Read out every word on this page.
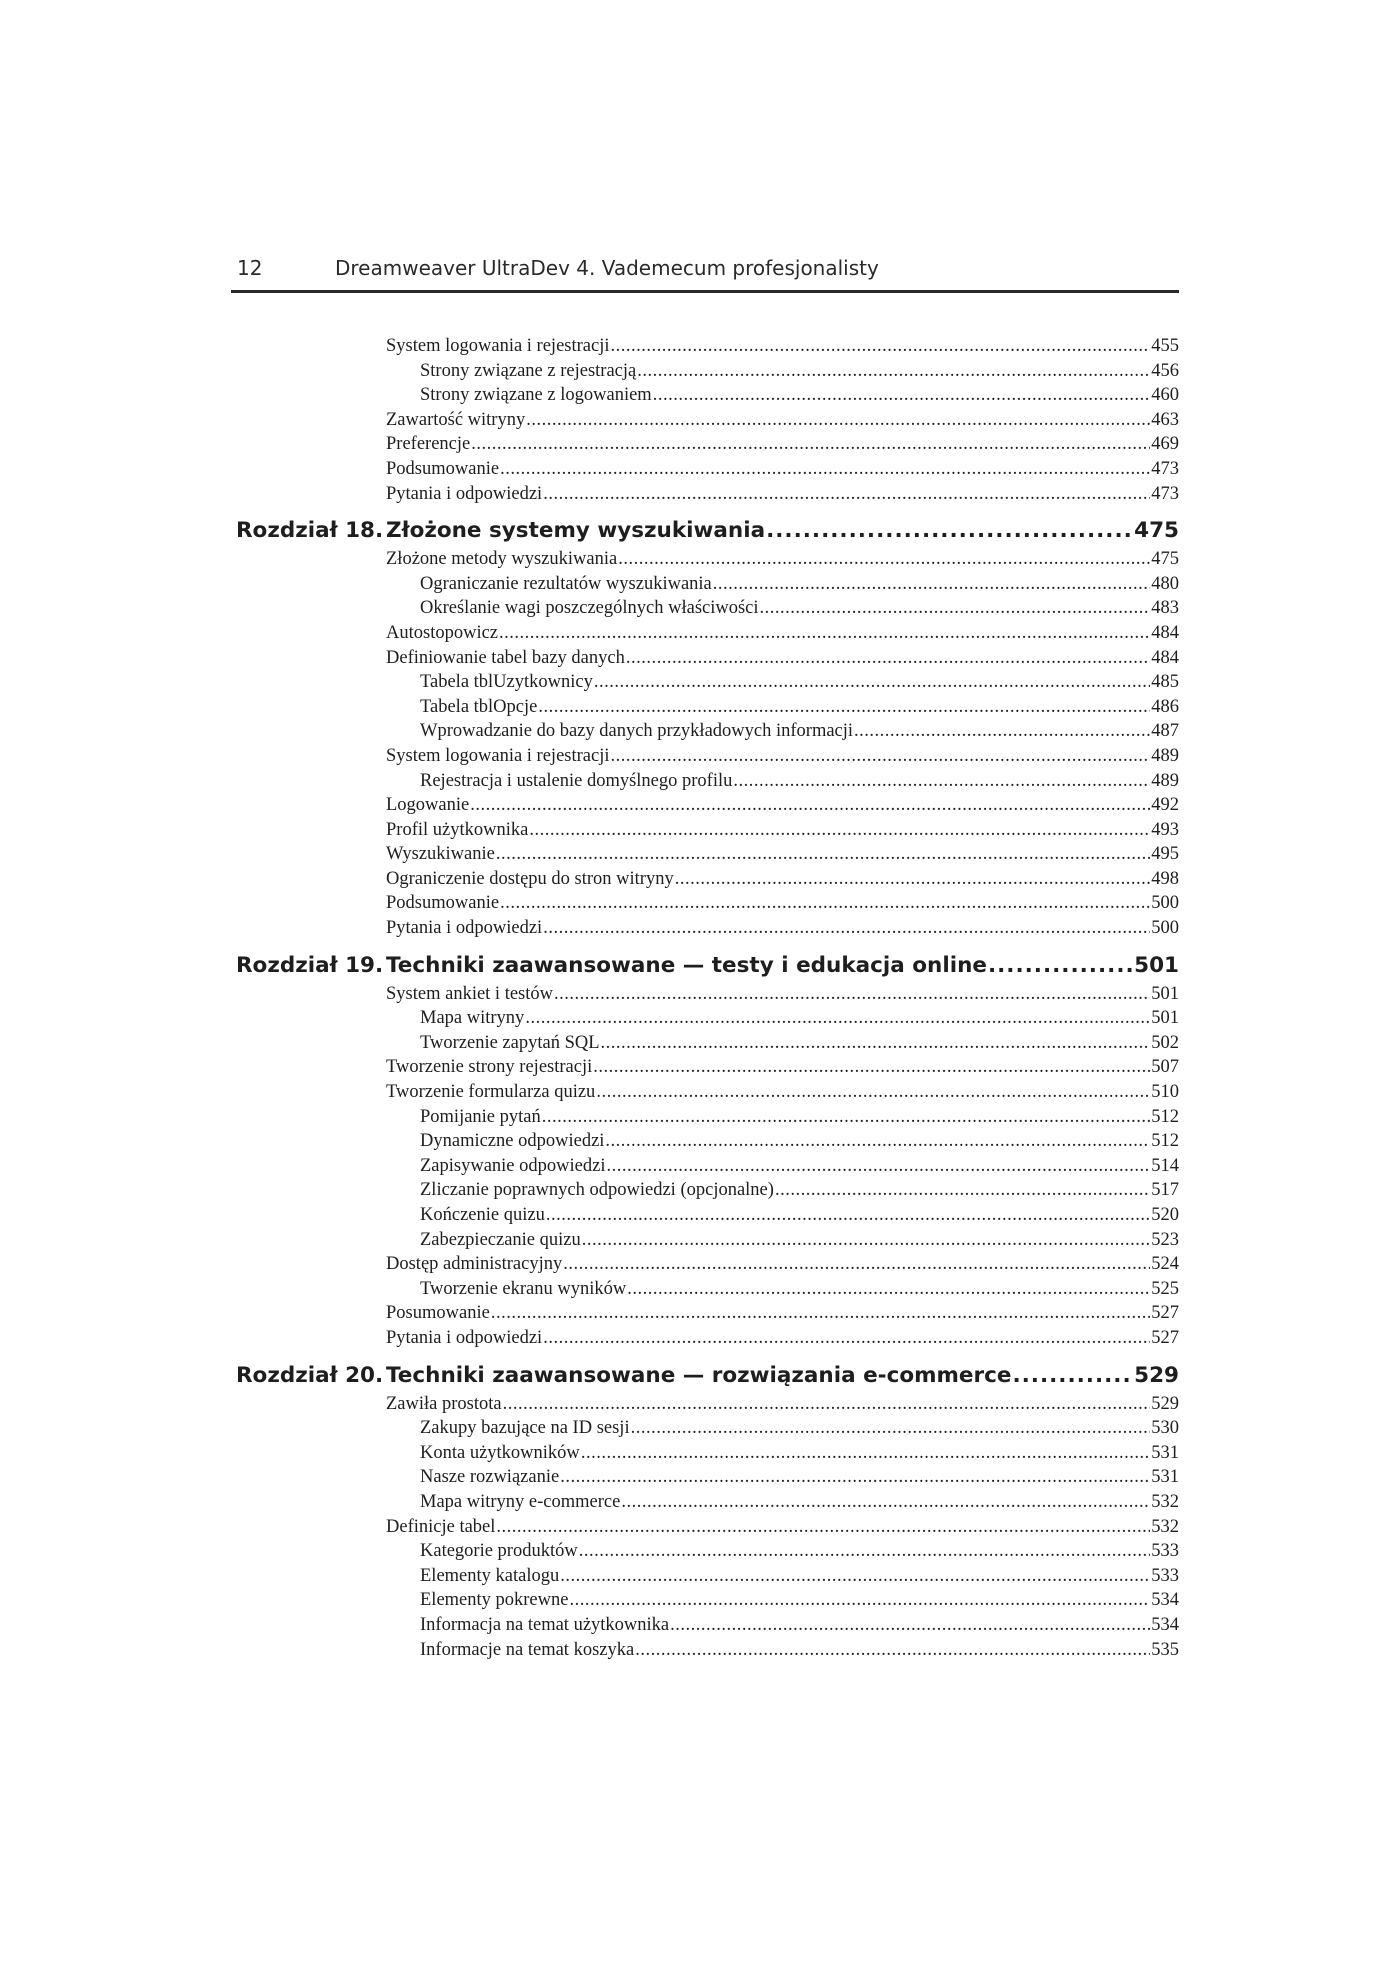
12	Dreamweaver UltraDev 4. Vademecum profesjonalisty
System logowania i rejestracji .....	455
Strony związane z rejestracją .....	456
Strony związane z logowaniem .....	460
Zawartość witryny .....	463
Preferencje .....	469
Podsumowanie .....	473
Pytania i odpowiedzi .....	473
Rozdział 18. Złożone systemy wyszukiwania .....	475
Złożone metody wyszukiwania .....	475
Ograniczanie rezultatów wyszukiwania .....	480
Określanie wagi poszczególnych właściwości .....	483
Autostopowicz .....	484
Definiowanie tabel bazy danych .....	484
Tabela tblUzytkownicy .....	485
Tabela tblOpcje .....	486
Wprowadzanie do bazy danych przykładowych informacji .....	487
System logowania i rejestracji .....	489
Rejestracja i ustalenie domyślnego profilu .....	489
Logowanie .....	492
Profil użytkownika .....	493
Wyszukiwanie .....	495
Ograniczenie dostępu do stron witryny .....	498
Podsumowanie .....	500
Pytania i odpowiedzi .....	500
Rozdział 19. Techniki zaawansowane — testy i edukacja online .....	501
System ankiet i testów .....	501
Mapa witryny .....	501
Tworzenie zapytań SQL .....	502
Tworzenie strony rejestracji .....	507
Tworzenie formularza quizu .....	510
Pomijanie pytań .....	512
Dynamiczne odpowiedzi .....	512
Zapisywanie odpowiedzi .....	514
Zliczanie poprawnych odpowiedzi (opcjonalne) .....	517
Kończenie quizu .....	520
Zabezpieczanie quizu .....	523
Dostęp administracyjny .....	524
Tworzenie ekranu wyników .....	525
Posumowanie .....	527
Pytania i odpowiedzi .....	527
Rozdział 20. Techniki zaawansowane — rozwiązania e-commerce .....	529
Zawiła prostota .....	529
Zakupy bazujące na ID sesji .....	530
Konta użytkowników .....	531
Nasze rozwiązanie .....	531
Mapa witryny e-commerce .....	532
Definicje tabel .....	532
Kategorie produktów .....	533
Elementy katalogu .....	533
Elementy pokrewne .....	534
Informacja na temat użytkownika .....	534
Informacje na temat koszyka .....	535
